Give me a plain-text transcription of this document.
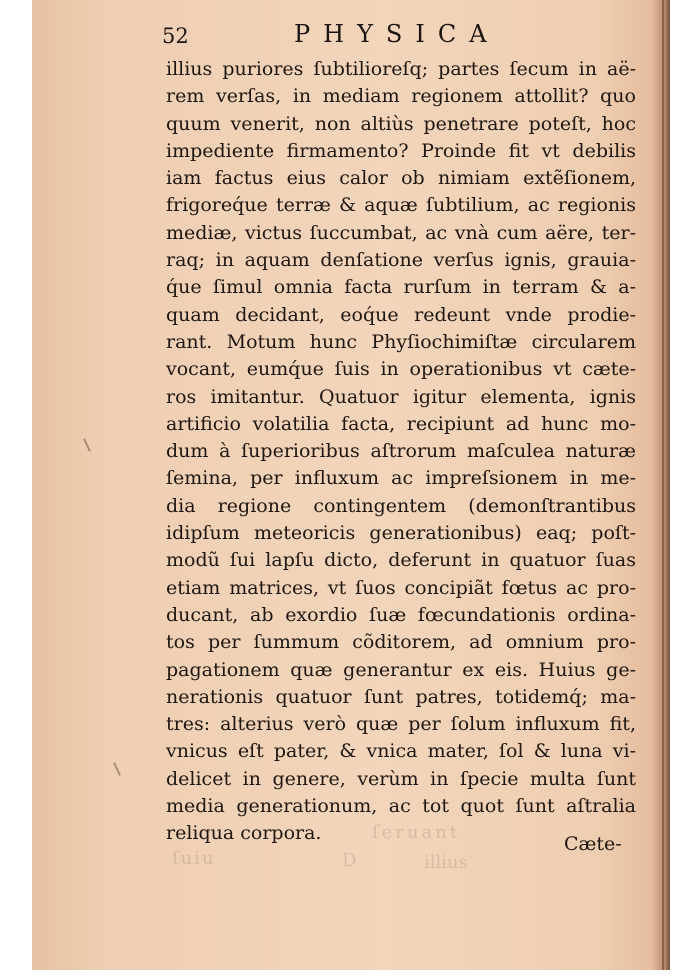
52	PHYSICA
illius puriores ſubtilioreſq; partes ſecum in aë-
rem verſas, in mediam regionem attollit? quo
quum venerit, non altiùs penetrare poteſt, hoc
impediente firmamento? Proinde fit vt debilis
iam factus eius calor ob nimiam extẽſionem,
frigoreq́ue terræ & aquæ ſubtilium, ac regionis
mediæ, victus ſuccumbat, ac vnà cum aëre, ter-
raq; in aquam denſatione verſus ignis, grauia-
q́ue ſimul omnia facta rurſum in terram & a-
quam decidant, eoq́ue redeunt vnde prodie-
rant. Motum hunc Phyſiochimiſtæ circularem
vocant, eumq́ue ſuis in operationibus vt cæte-
ros imitantur. Quatuor igitur elementa, ignis
artificio volatilia facta, recipiunt ad hunc mo-
dum à ſuperioribus aſtrorum maſculea naturæ
ſemina, per influxum ac impreſsionem in me-
dia regione contingentem (demonſtrantibus
idipſum meteoricis generationibus) eaq; poſt-
modũ ſui lapſu dicto, deferunt in quatuor ſuas
etiam matrices, vt ſuos concipiãt fœtus ac pro-
ducant, ab exordio ſuæ fœcundationis ordina-
tos per ſummum cõditorem, ad omnium pro-
pagationem quæ generantur ex eis. Huius ge-
nerationis quatuor ſunt patres, totidemq́; ma-
tres: alterius verò quæ per ſolum influxum fit,
vnicus eſt pater, & vnica mater, ſol & luna vi-
delicet in genere, verùm in ſpecie multa ſunt
media generationum, ac tot quot ſunt aſtralia
reliqua corpora.	Cæte-
ſeruant
ſuiu	D	illius
